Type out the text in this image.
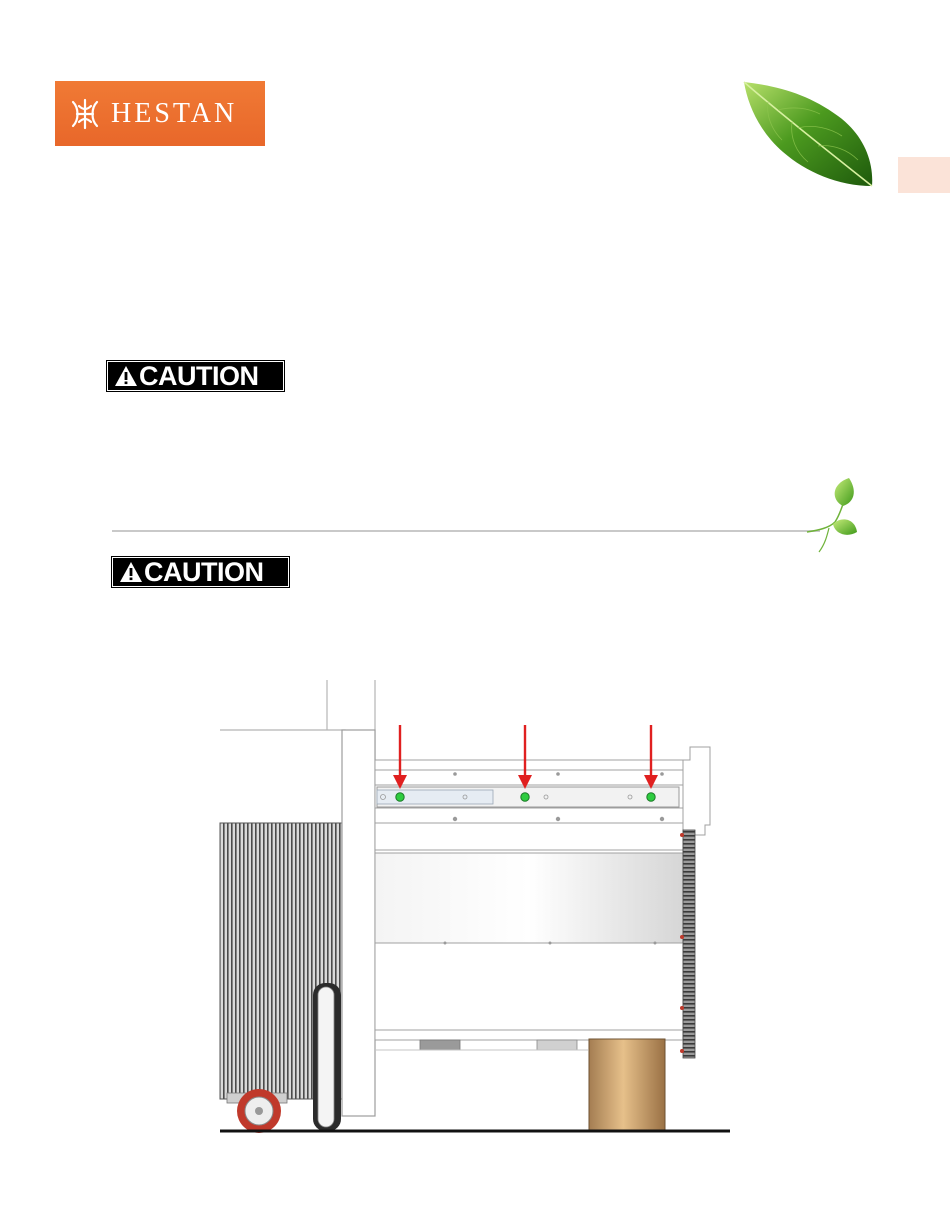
HESTAN
CAUTION
CAUTION
